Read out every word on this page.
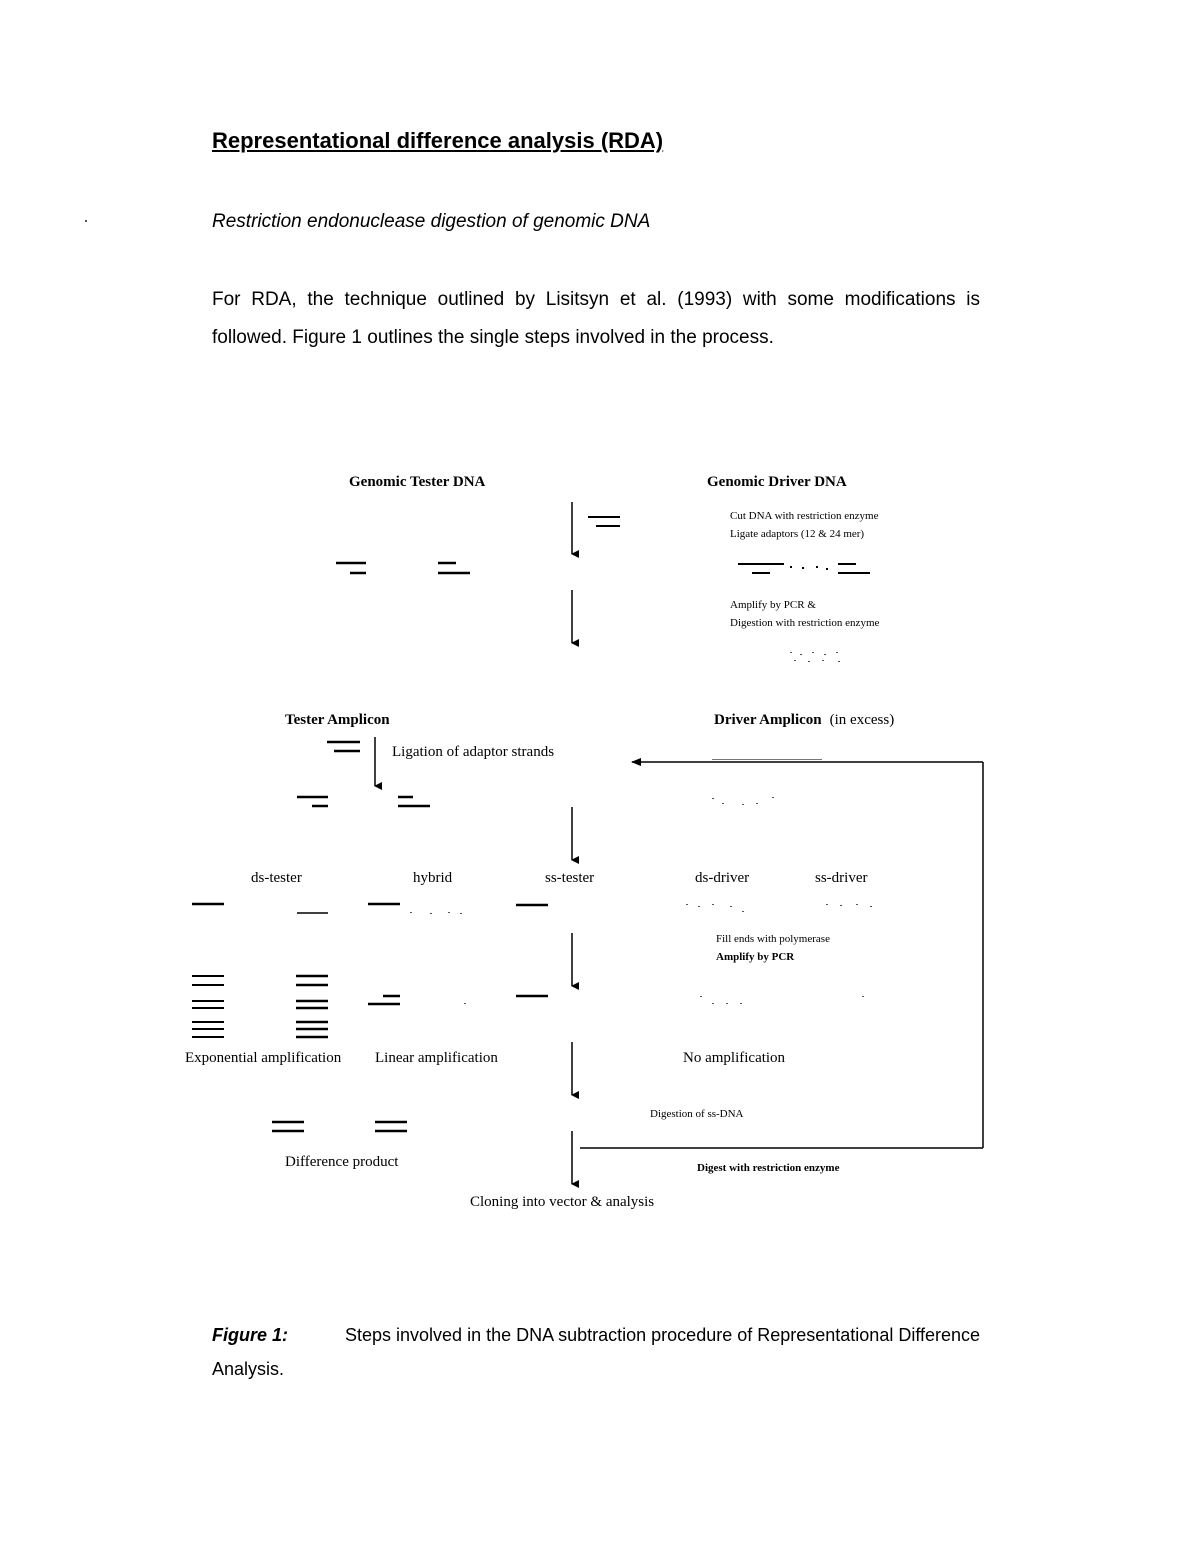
Representational difference analysis (RDA)
Restriction endonuclease digestion of genomic DNA

For RDA, the technique outlined by Lisitsyn et al. (1993) with some modifications is followed. Figure 1 outlines the single steps involved in the process.

Genomic Tester DNA	Genomic Driver DNA
Cut DNA with restriction enzyme
Ligate adaptors (12 & 24 mer)
Amplify by PCR &
Digestion with restriction enzyme
Tester Amplicon	Driver Amplicon (in excess)
Ligation of adaptor strands
ds-tester	hybrid	ss-tester	ds-driver	ss-driver
Fill ends with polymerase
Amplify by PCR
Exponential amplification Linear amplification	No amplification
Digestion of ss-DNA
Difference product	Digest with restriction enzyme
Cloning into vector & analysis

Figure 1:	Steps involved in the DNA subtraction procedure of Representational Difference Analysis.
